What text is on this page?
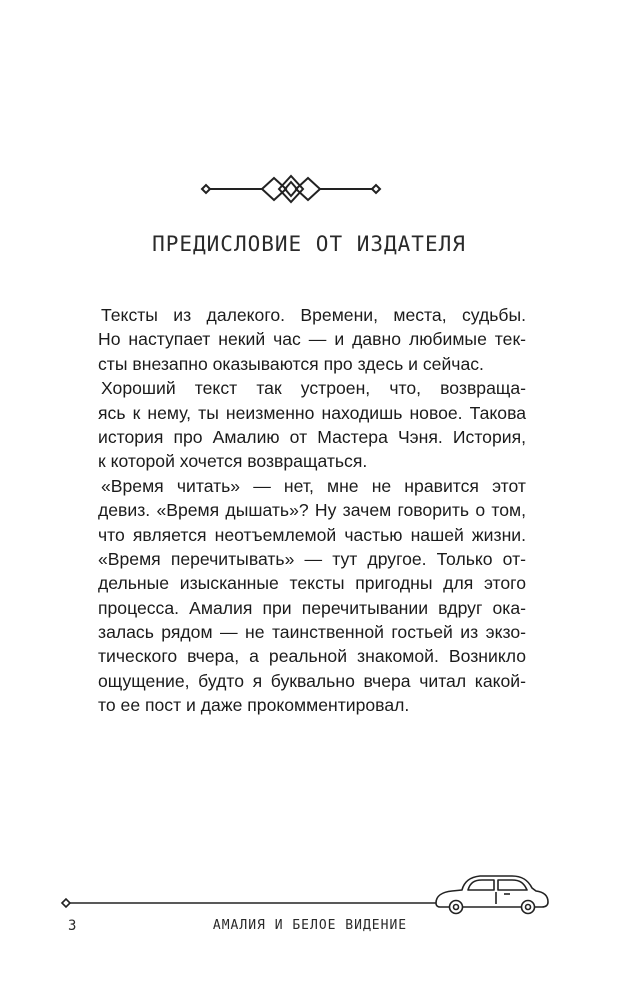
ПРЕДИСЛОВИЕ ОТ ИЗДАТЕЛЯ
Тексты из далекого. Времени, места, судьбы.
Но наступает некий час — и давно любимые тек-
сты внезапно оказываются про здесь и сейчас.
Хороший текст так устроен, что, возвраща-
ясь к нему, ты неизменно находишь новое. Такова
история про Амалию от Мастера Чэня. История,
к которой хочется возвращаться.
«Время читать» — нет, мне не нравится этот
девиз. «Время дышать»? Ну зачем говорить о том,
что является неотъемлемой частью нашей жизни.
«Время перечитывать» — тут другое. Только от-
дельные изысканные тексты пригодны для этого
процесса. Амалия при перечитывании вдруг ока-
залась рядом — не таинственной гостьей из экзо-
тического вчера, а реальной знакомой. Возникло
ощущение, будто я буквально вчера читал какой-
то ее пост и даже прокомментировал.
3	АМАЛИЯ И БЕЛОЕ ВИДЕНИЕ
